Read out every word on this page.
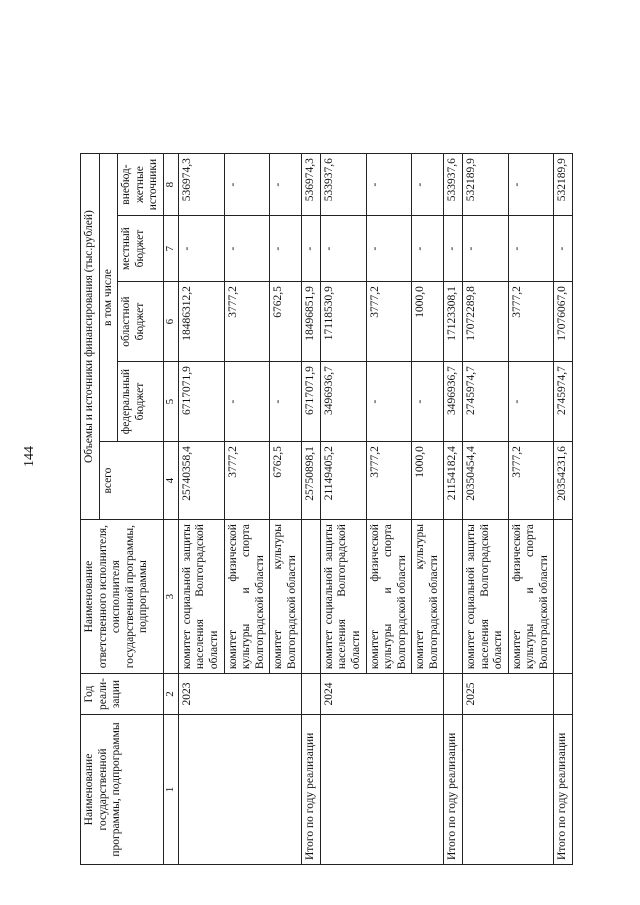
144
Наименование государственной программы, подпрограммы	Год реали-зации	Наименование ответственного исполнителя, соисполнителя государственной программы, подпрограммы	Объемы и источники финансирования (тыс.рублей)				
			всего	в том числе			
				федеральный бюджет	областной бюджет	местный бюджет	внебюд-жетные источники
1	2	3	4	5	6	7	8
	2023	комитет социальной защиты населения Волгоградской области	25740358,4	6717071,9	18486312,2	-	536974,3
		комитет физической культуры и спорта Волгоградской области	3777,2	-	3777,2	-	-
		комитет культуры Волгоградской области	6762,5	-	6762,5	-	-
Итого по году реализации			25750898,1	6717071,9	18496851,9	-	536974,3
	2024	комитет социальной защиты населения Волгоградской области	21149405,2	3496936,7	17118530,9	-	533937,6
		комитет физической культуры и спорта Волгоградской области	3777,2	-	3777,2	-	-
		комитет культуры Волгоградской области	1000,0	-	1000,0	-	-
Итого по году реализации			21154182,4	3496936,7	17123308,1	-	533937,6
	2025	комитет социальной защиты населения Волгоградской области	20350454,4	2745974,7	17072289,8	-	532189,9
		комитет физической культуры и спорта Волгоградской области	3777,2	-	3777,2	-	-
Итого по году реализации			20354231,6	2745974,7	17076067,0	-	532189,9
